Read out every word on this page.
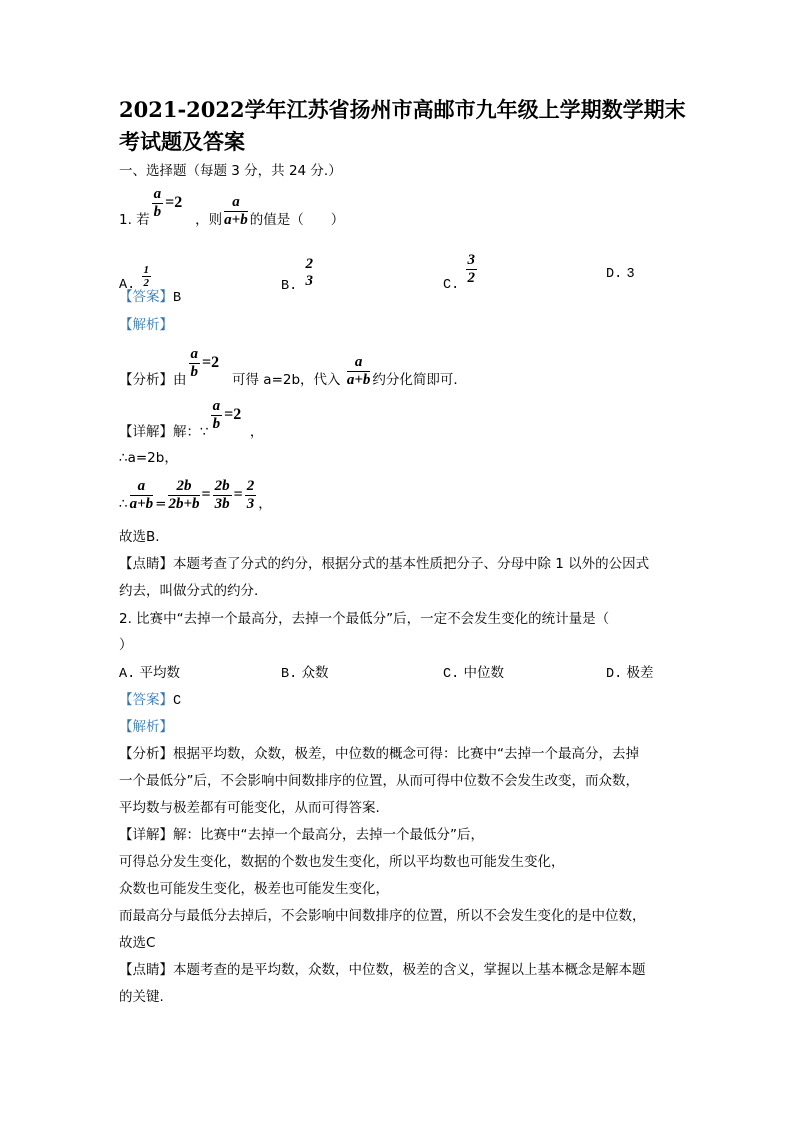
2021-2022学年江苏省扬州市高邮市九年级上学期数学期末
考试题及答案
一、选择题（每题 3 分，共 24 分.）
1. 若 $\frac{a}{b} =2$   ，则 $\frac{a}{a+b}$ 的值是（　　）
A. $\frac{1}{2}$	B.
2
3	C. $\frac{3}{2}$	D. 3
【答案】B
【解析】
【分析】由 $\frac{a}{b} =2$   可得 a=2b，代入 $\frac{a}{a+b}$ 约分化简即可.
【详解】解：∵ $\frac{a}{b} =2$  ，
∴a=2b，
∴ $\frac{a}{a+b} = \frac{2b}{2b+b} = \frac{2b}{3b} = \frac{2}{3}$ ，
故选B.
【点睛】本题考查了分式的约分，根据分式的基本性质把分子、分母中除 1 以外的公因式
约去，叫做分式的约分.
2. 比赛中“去掉一个最高分，去掉一个最低分”后，一定不会发生变化的统计量是（
）
A. 平均数	B. 众数	C. 中位数	D. 极差
【答案】C
【解析】
【分析】根据平均数，众数，极差，中位数的概念可得：比赛中“去掉一个最高分，去掉
一个最低分”后，不会影响中间数排序的位置，从而可得中位数不会发生改变，而众数，
平均数与极差都有可能变化，从而可得答案.
【详解】解：比赛中“去掉一个最高分，去掉一个最低分”后，
可得总分发生变化，数据的个数也发生变化，所以平均数也可能发生变化，
众数也可能发生变化，极差也可能发生变化，
而最高分与最低分去掉后，不会影响中间数排序的位置，所以不会发生变化的是中位数，
故选C
【点睛】本题考查的是平均数，众数，中位数，极差的含义，掌握以上基本概念是解本题
的关键.
